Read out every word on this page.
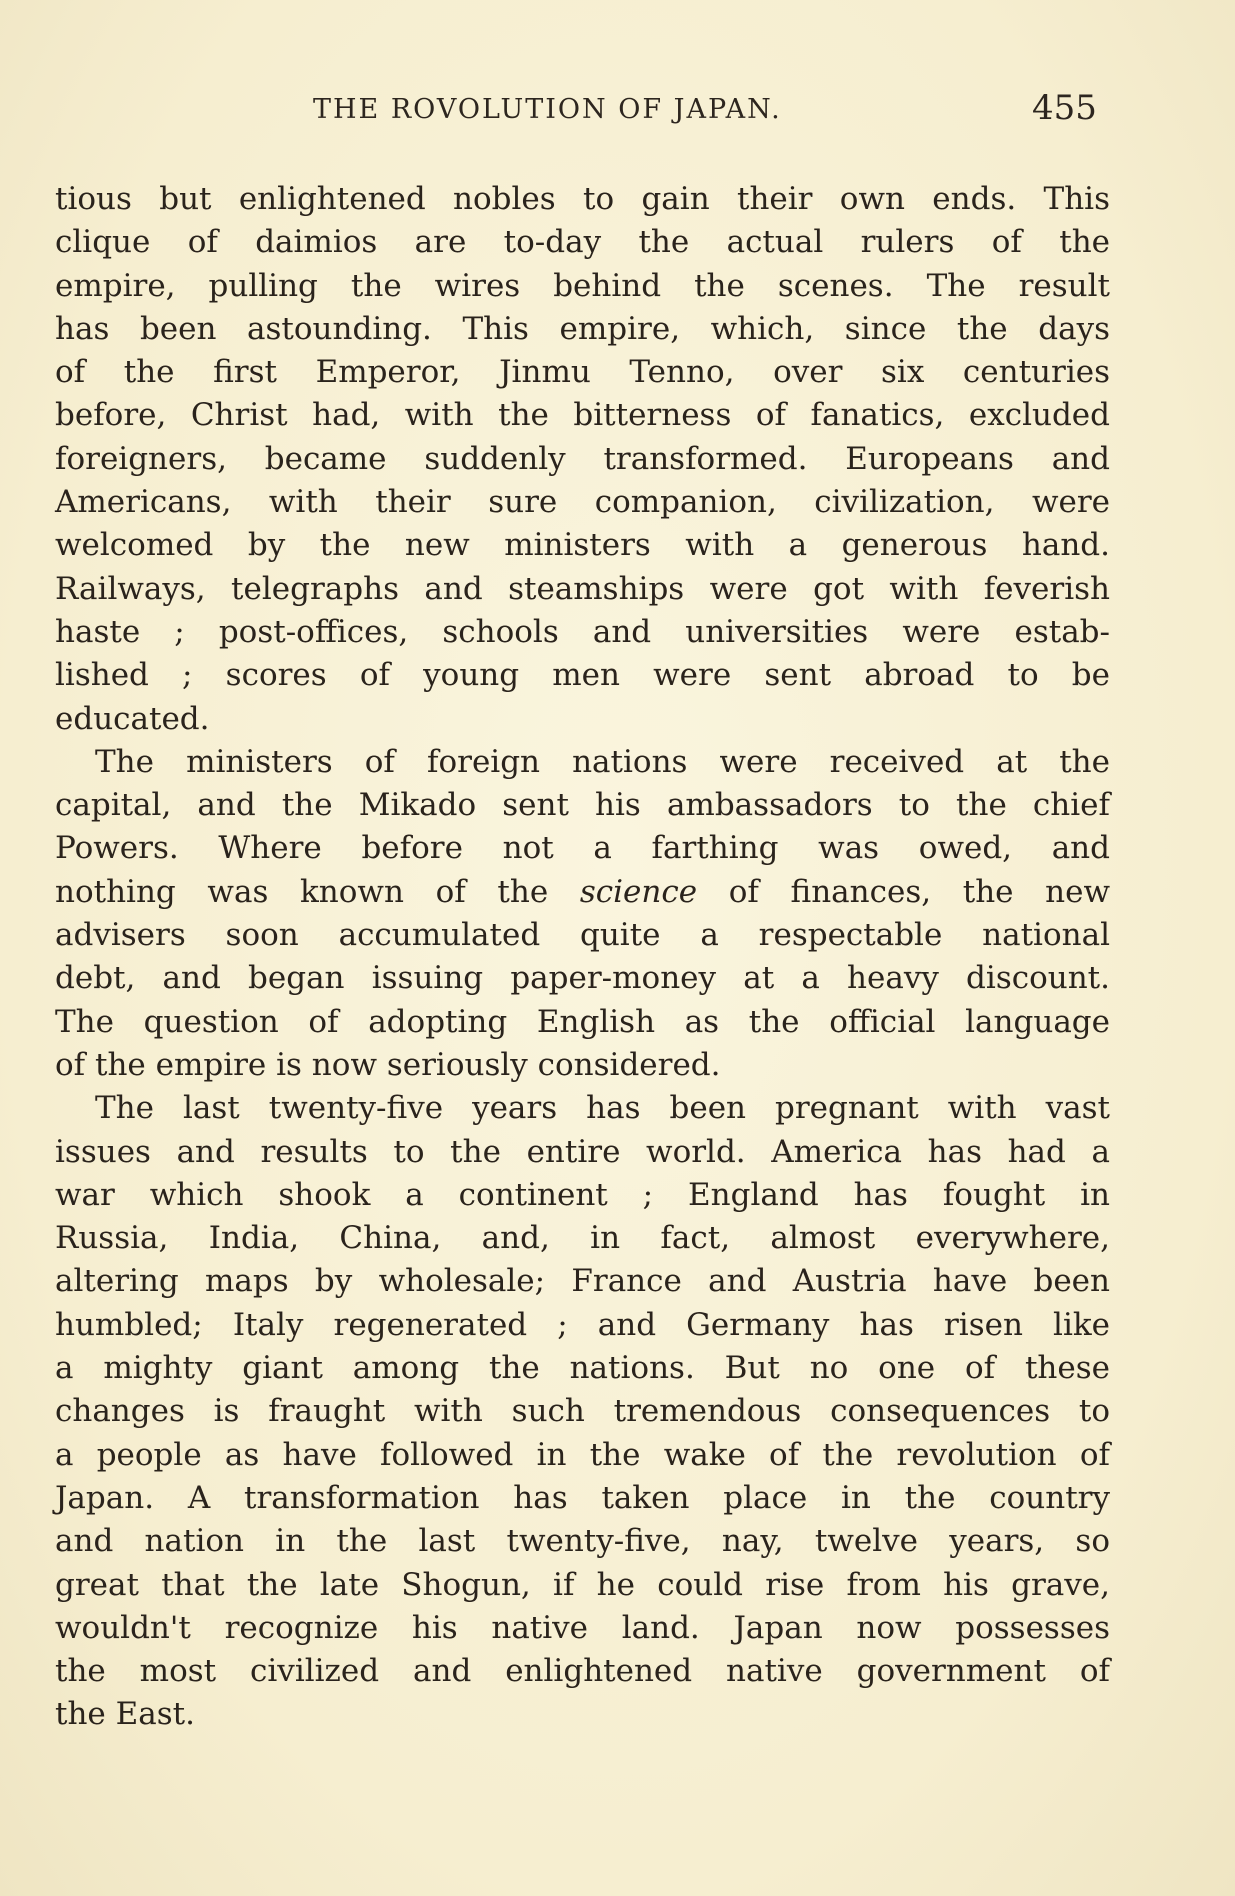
THE ROVOLUTION OF JAPAN.	455
tious but enlightened nobles to gain their own ends. This
clique of daimios are to-day the actual rulers of the
empire, pulling the wires behind the scenes. The result
has been astounding. This empire, which, since the days
of the first Emperor, Jinmu Tenno, over six centuries
before, Christ had, with the bitterness of fanatics, excluded
foreigners, became suddenly transformed. Europeans and
Americans, with their sure companion, civilization, were
welcomed by the new ministers with a generous hand.
Railways, telegraphs and steamships were got with feverish
haste ; post-offices, schools and universities were estab-
lished ; scores of young men were sent abroad to be
educated.
The ministers of foreign nations were received at the
capital, and the Mikado sent his ambassadors to the chief
Powers. Where before not a farthing was owed, and
nothing was known of the science of finances, the new
advisers soon accumulated quite a respectable national
debt, and began issuing paper-money at a heavy discount.
The question of adopting English as the official language
of the empire is now seriously considered.
The last twenty-five years has been pregnant with vast
issues and results to the entire world. America has had a
war which shook a continent ; England has fought in
Russia, India, China, and, in fact, almost everywhere,
altering maps by wholesale; France and Austria have been
humbled; Italy regenerated ; and Germany has risen like
a mighty giant among the nations. But no one of these
changes is fraught with such tremendous consequences to
a people as have followed in the wake of the revolution of
Japan. A transformation has taken place in the country
and nation in the last twenty-five, nay, twelve years, so
great that the late Shogun, if he could rise from his grave,
wouldn't recognize his native land. Japan now possesses
the most civilized and enlightened native government of
the East.
